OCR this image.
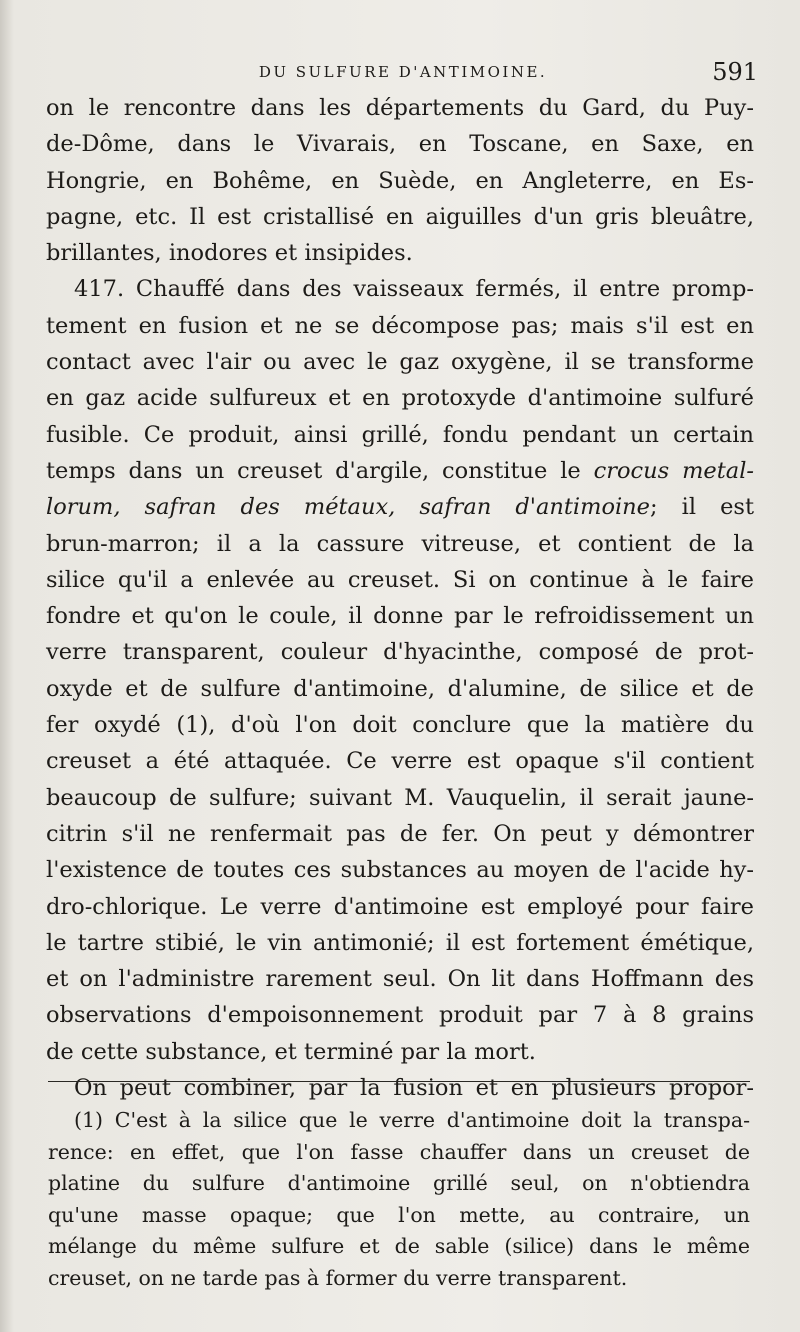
DU SULFURE D'ANTIMOINE.	591
on le rencontre dans les départements du Gard, du Puy-
de-Dôme, dans le Vivarais, en Toscane, en Saxe, en
Hongrie, en Bohême, en Suède, en Angleterre, en Es-
pagne, etc. Il est cristallisé en aiguilles d'un gris bleuâtre,
brillantes, inodores et insipides.
417. Chauffé dans des vaisseaux fermés, il entre promp-
tement en fusion et ne se décompose pas; mais s'il est en
contact avec l'air ou avec le gaz oxygène, il se transforme
en gaz acide sulfureux et en protoxyde d'antimoine sulfuré
fusible. Ce produit, ainsi grillé, fondu pendant un certain
temps dans un creuset d'argile, constitue le crocus metal-
lorum, safran des métaux, safran d'antimoine; il est
brun-marron; il a la cassure vitreuse, et contient de la
silice qu'il a enlevée au creuset. Si on continue à le faire
fondre et qu'on le coule, il donne par le refroidissement un
verre transparent, couleur d'hyacinthe, composé de prot-
oxyde et de sulfure d'antimoine, d'alumine, de silice et de
fer oxydé (1), d'où l'on doit conclure que la matière du
creuset a été attaquée. Ce verre est opaque s'il contient
beaucoup de sulfure; suivant M. Vauquelin, il serait jaune-
citrin s'il ne renfermait pas de fer. On peut y démontrer
l'existence de toutes ces substances au moyen de l'acide hy-
dro-chlorique. Le verre d'antimoine est employé pour faire
le tartre stibié, le vin antimonié; il est fortement émétique,
et on l'administre rarement seul. On lit dans Hoffmann des
observations d'empoisonnement produit par 7 à 8 grains
de cette substance, et terminé par la mort.
On peut combiner, par la fusion et en plusieurs propor-
(1) C'est à la silice que le verre d'antimoine doit la transpa-
rence: en effet, que l'on fasse chauffer dans un creuset de
platine du sulfure d'antimoine grillé seul, on n'obtiendra
qu'une masse opaque; que l'on mette, au contraire, un
mélange du même sulfure et de sable (silice) dans le même
creuset, on ne tarde pas à former du verre transparent.
